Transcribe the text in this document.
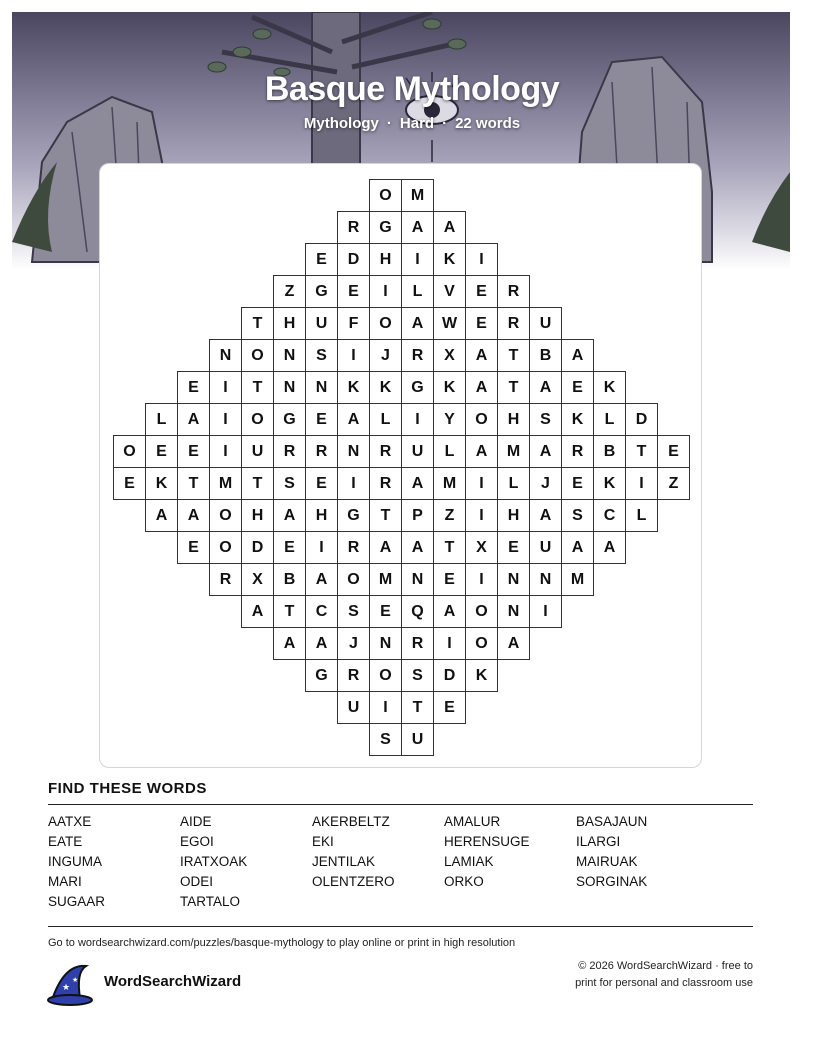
Basque Mythology
Mythology · Hard · 22 words
O	M
R	G	A	A
E	D	H	I	K	I
Z	G	E	I	L	V	E	R
T	H	U	F	O	A	W	E	R	U
N	O	N	S	I	J	R	X	A	T	B	A
E	I	T	N	N	K	K	G	K	A	T	A	E	K
L	A	I	O	G	E	A	L	I	Y	O	H	S	K	L	D
O	E	E	I	U	R	R	N	R	U	L	A	M	A	R	B	T	E
E	K	T	M	T	S	E	I	R	A	M	I	L	J	E	K	I	Z
A	A	O	H	A	H	G	T	P	Z	I	H	A	S	C	L
E	O	D	E	I	R	A	A	T	X	E	U	A	A
R	X	B	A	O	M	N	E	I	N	N	M
A	T	C	S	E	Q	A	O	N	I
A	A	J	N	R	I	O	A
G	R	O	S	D	K
U	I	T	E
S	U
FIND THESE WORDS
AATXE	AIDE	AKERBELTZ	AMALUR	BASAJAUN
EATE	EGOI	EKI	HERENSUGE	ILARGI
INGUMA	IRATXOAK	JENTILAK	LAMIAK	MAIRUAK
MARI	ODEI	OLENTZERO	ORKO	SORGINAK
SUGAAR	TARTALO
Go to wordsearchwizard.com/puzzles/basque-mythology to play online or print in high resolution
★
★ WordSearchWizard
© 2026 WordSearchWizard · free to print for personal and classroom use
